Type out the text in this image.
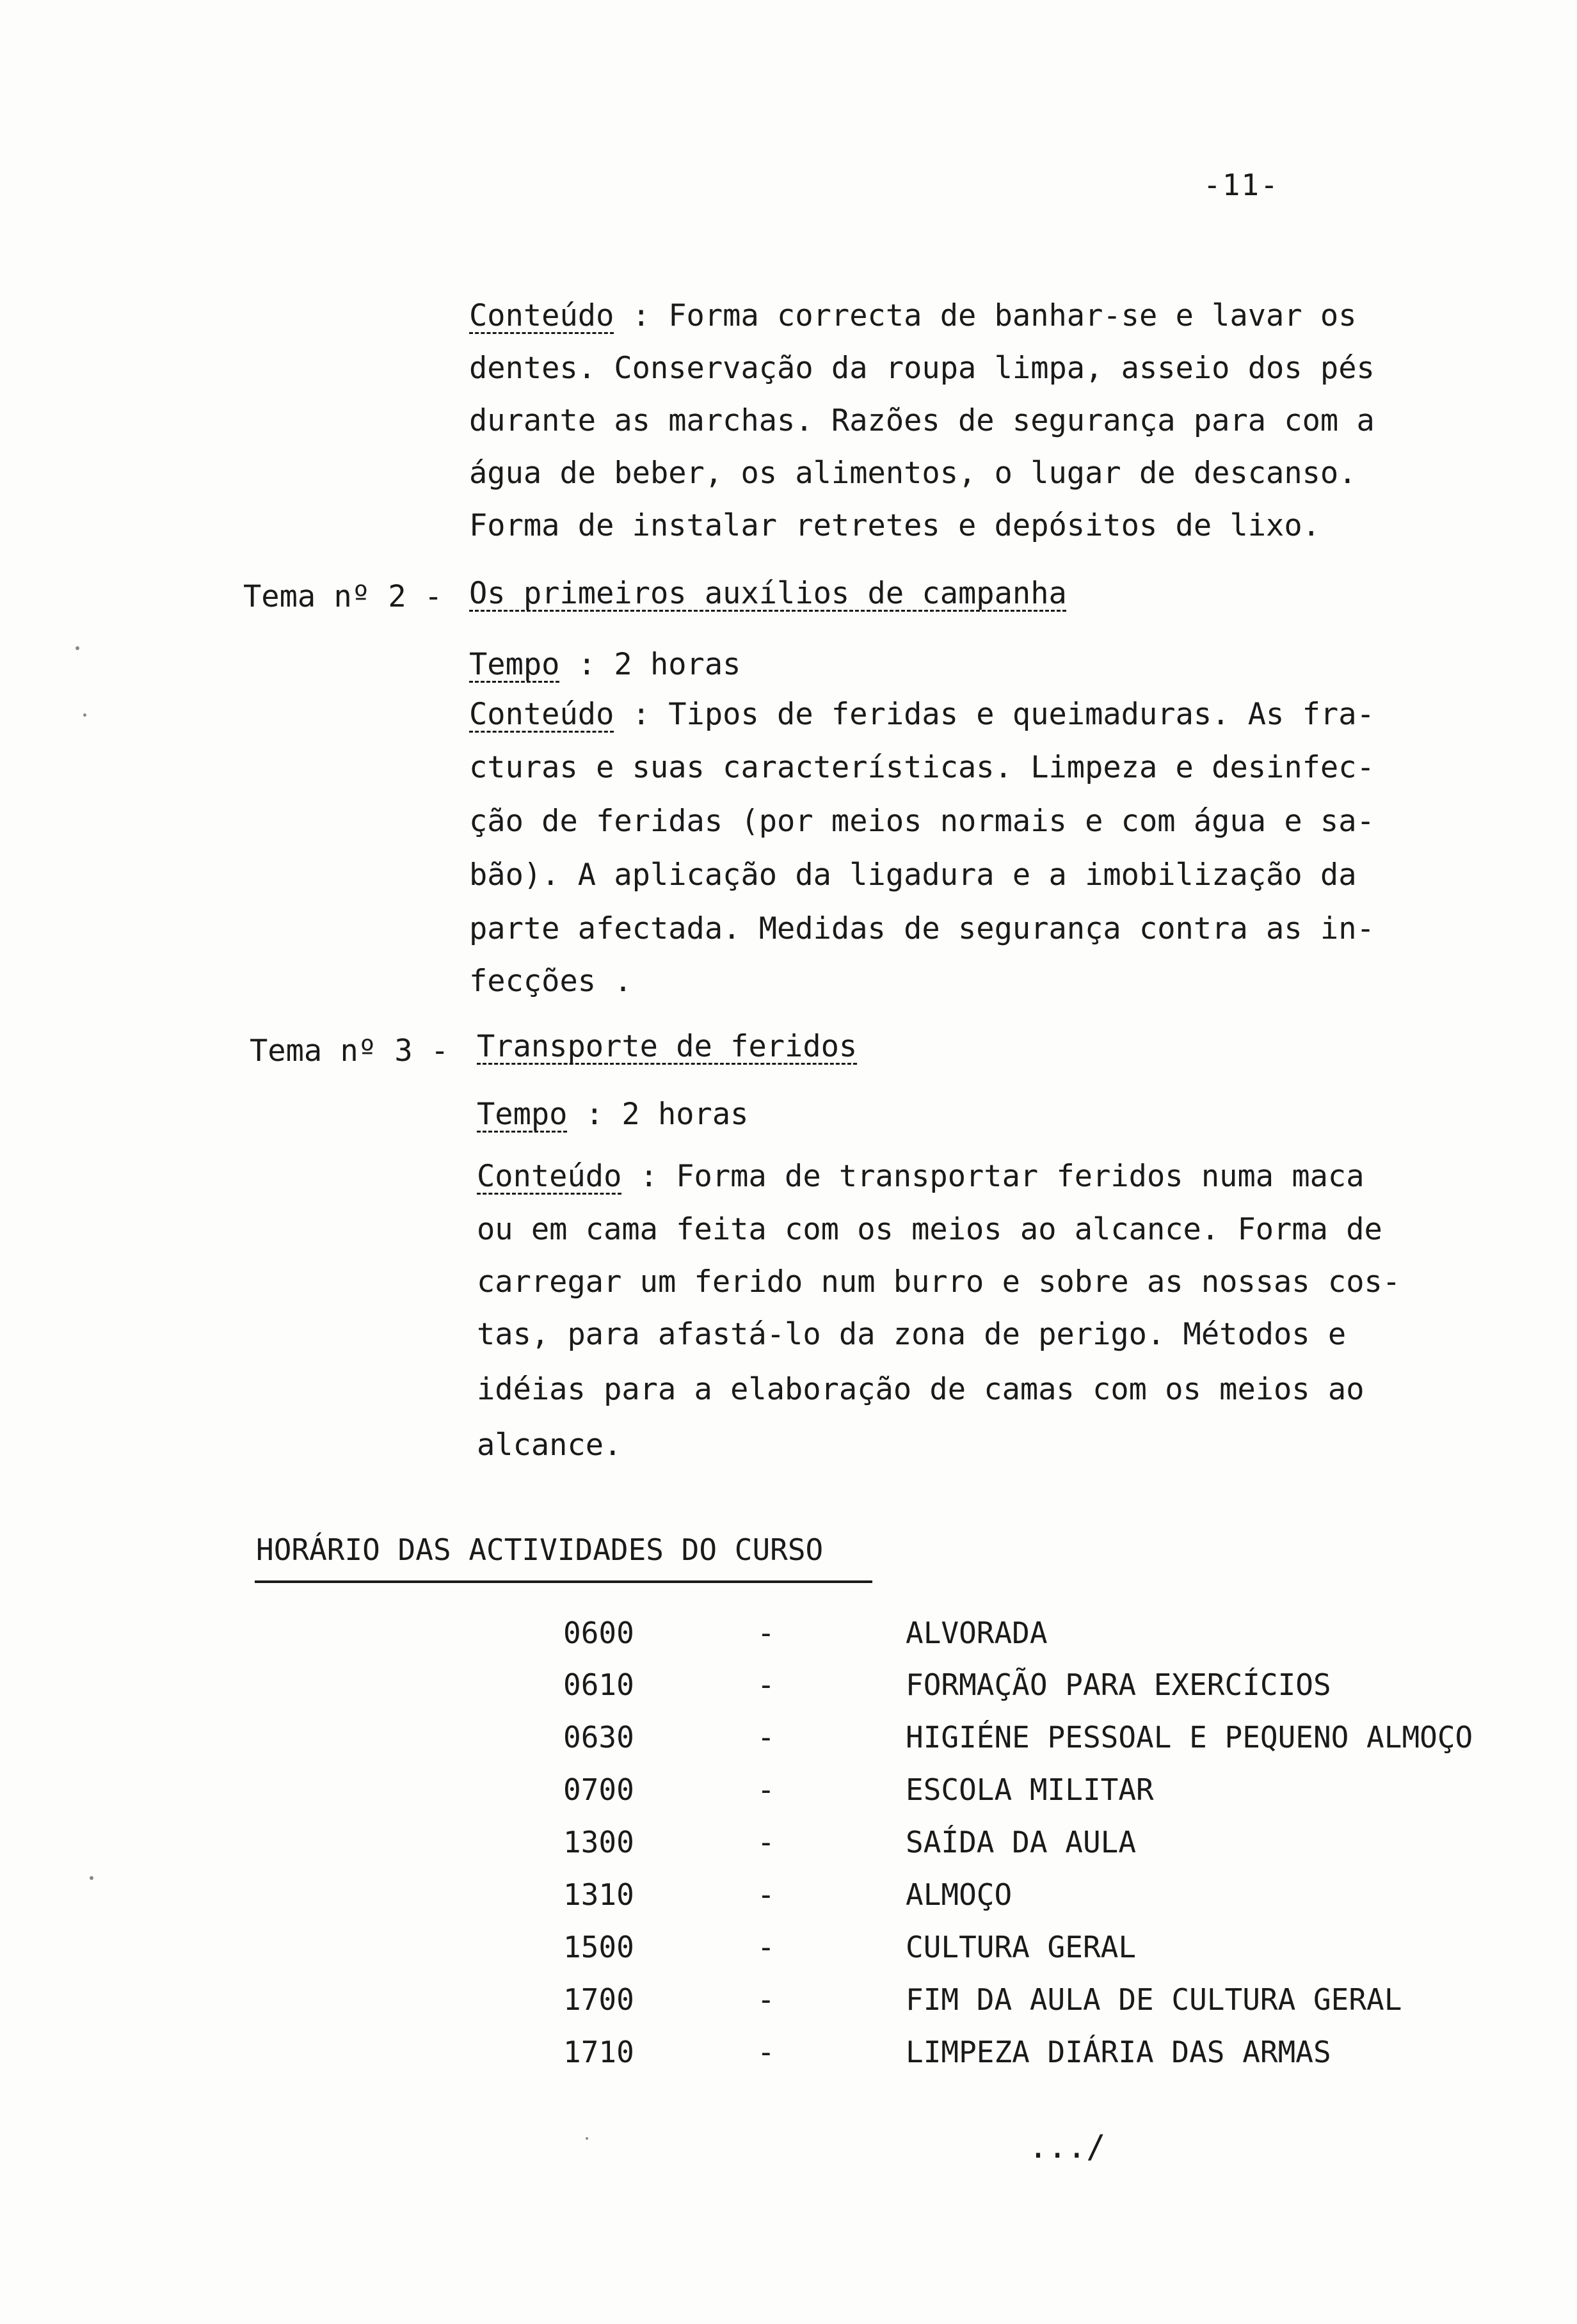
-11-
Conteúdo : Forma correcta de banhar-se e lavar os
dentes. Conservação da roupa limpa, asseio dos pés
durante as marchas. Razões de segurança para com a
água de beber, os alimentos, o lugar de descanso.
Forma de instalar retretes e depósitos de lixo.
Tema nº 2 - Os primeiros auxílios de campanha
Tempo : 2 horas
Conteúdo : Tipos de feridas e queimaduras. As fra-
cturas e suas características. Limpeza e desinfec-
ção de feridas (por meios normais e com água e sa-
bão). A aplicação da ligadura e a imobilização da
parte afectada. Medidas de segurança contra as in-
fecções .
Tema nº 3 - Transporte de feridos
Tempo : 2 horas
Conteúdo : Forma de transportar feridos numa maca
ou em cama feita com os meios ao alcance. Forma de
carregar um ferido num burro e sobre as nossas cos-
tas, para afastá-lo da zona de perigo. Métodos e
idéias para a elaboração de camas com os meios ao
alcance.
HORÁRIO DAS ACTIVIDADES DO CURSO
0600	-	ALVORADA
0610	-	FORMAÇÃO PARA EXERCÍCIOS
0630	-	HIGIÉNE PESSOAL E PEQUENO ALMOÇO
0700	-	ESCOLA MILITAR
1300	-	SAÍDA DA AULA
1310	-	ALMOÇO
1500	-	CULTURA GERAL
1700	-	FIM DA AULA DE CULTURA GERAL
1710	-	LIMPEZA DIÁRIA DAS ARMAS
.../
